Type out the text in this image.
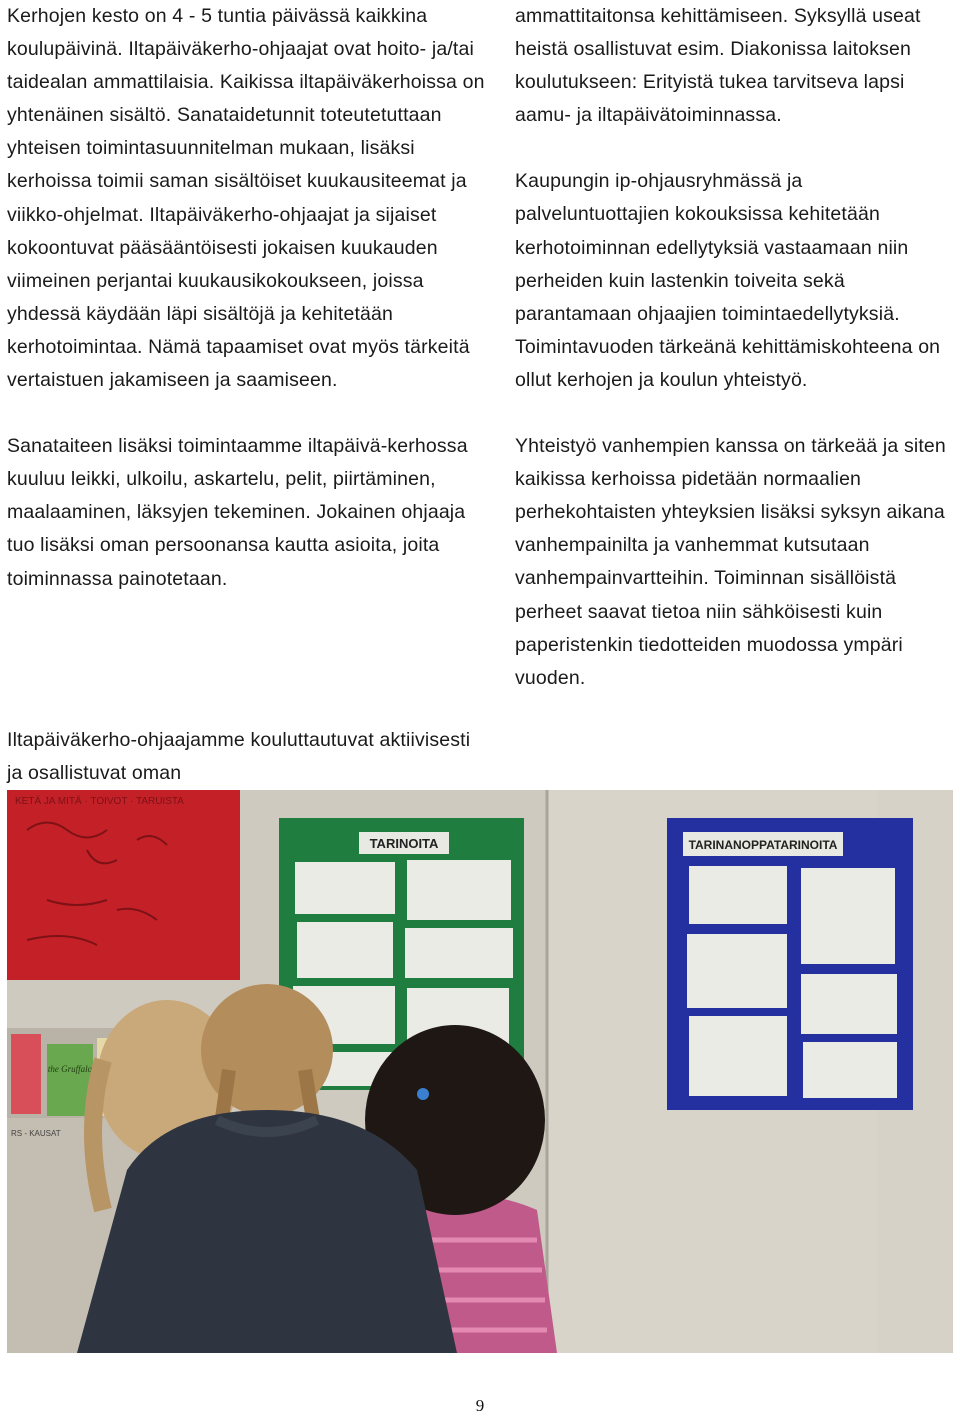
Kerhojen kesto on 4 - 5 tuntia päivässä kaikkina koulupäivinä. Iltapäiväkerho-ohjaajat ovat hoito- ja/tai taidealan ammattilaisia. Kaikissa iltapäiväkerhoissa on yhtenäinen sisältö. Sanataidetunnit toteutetuttaan yhteisen toimintasuunnitelman mukaan, lisäksi kerhoissa toimii saman sisältöiset kuukausiteemat ja viikko-ohjelmat. Iltapäiväkerho-ohjaajat ja sijaiset kokoontuvat pääsääntöisesti jokaisen kuukauden viimeinen perjantai kuukausikokoukseen, joissa yhdessä käydään läpi sisältöjä ja kehitetään kerhotoimintaa. Nämä tapaamiset ovat myös tärkeitä vertaistuen jakamiseen ja saamiseen.

Sanataiteen lisäksi toimintaamme iltapäivä-kerhossa kuuluu leikki, ulkoilu, askartelu, pelit, piirtäminen, maalaaminen, läksyjen tekeminen. Jokainen ohjaaja tuo lisäksi oman persoonansa kautta asioita, joita toiminnassa painotetaan.

Iltapäiväkerho-ohjaajamme kouluttautuvat aktiivisesti ja osallistuvat oman

ammattitaitonsa kehittämiseen. Syksyllä useat heistä osallistuvat esim. Diakonissa laitoksen koulutukseen: Erityistä tukea tarvitseva lapsi aamu- ja iltapäivätoiminnassa.

Kaupungin ip-ohjausryhmässä ja palveluntuottajien kokouksissa kehitetään kerhotoiminnan edellytyksiä vastaamaan niin perheiden kuin lastenkin toiveita sekä parantamaan ohjaajien toimintaedellytyksiä. Toimintavuoden tärkeänä kehittämiskohteena on ollut kerhojen ja koulun yhteistyö.

Yhteistyö vanhempien kanssa on tärkeää ja siten kaikissa kerhoissa pidetään normaalien perhekohtaisten yhteyksien lisäksi syksyn aikana vanhempainilta ja vanhemmat kutsutaan vanhempainvartteihin. Toiminnan sisällöistä perheet saavat tietoa niin sähköisesti kuin paperistenkin tiedotteiden muodossa ympäri vuoden.

KETÄ JA MITÄ · TOIVOT · TARUISTA
TARINOITA	TARINANOPPATARINOITA
the Gruffalo
RS - KAUSAT
9
